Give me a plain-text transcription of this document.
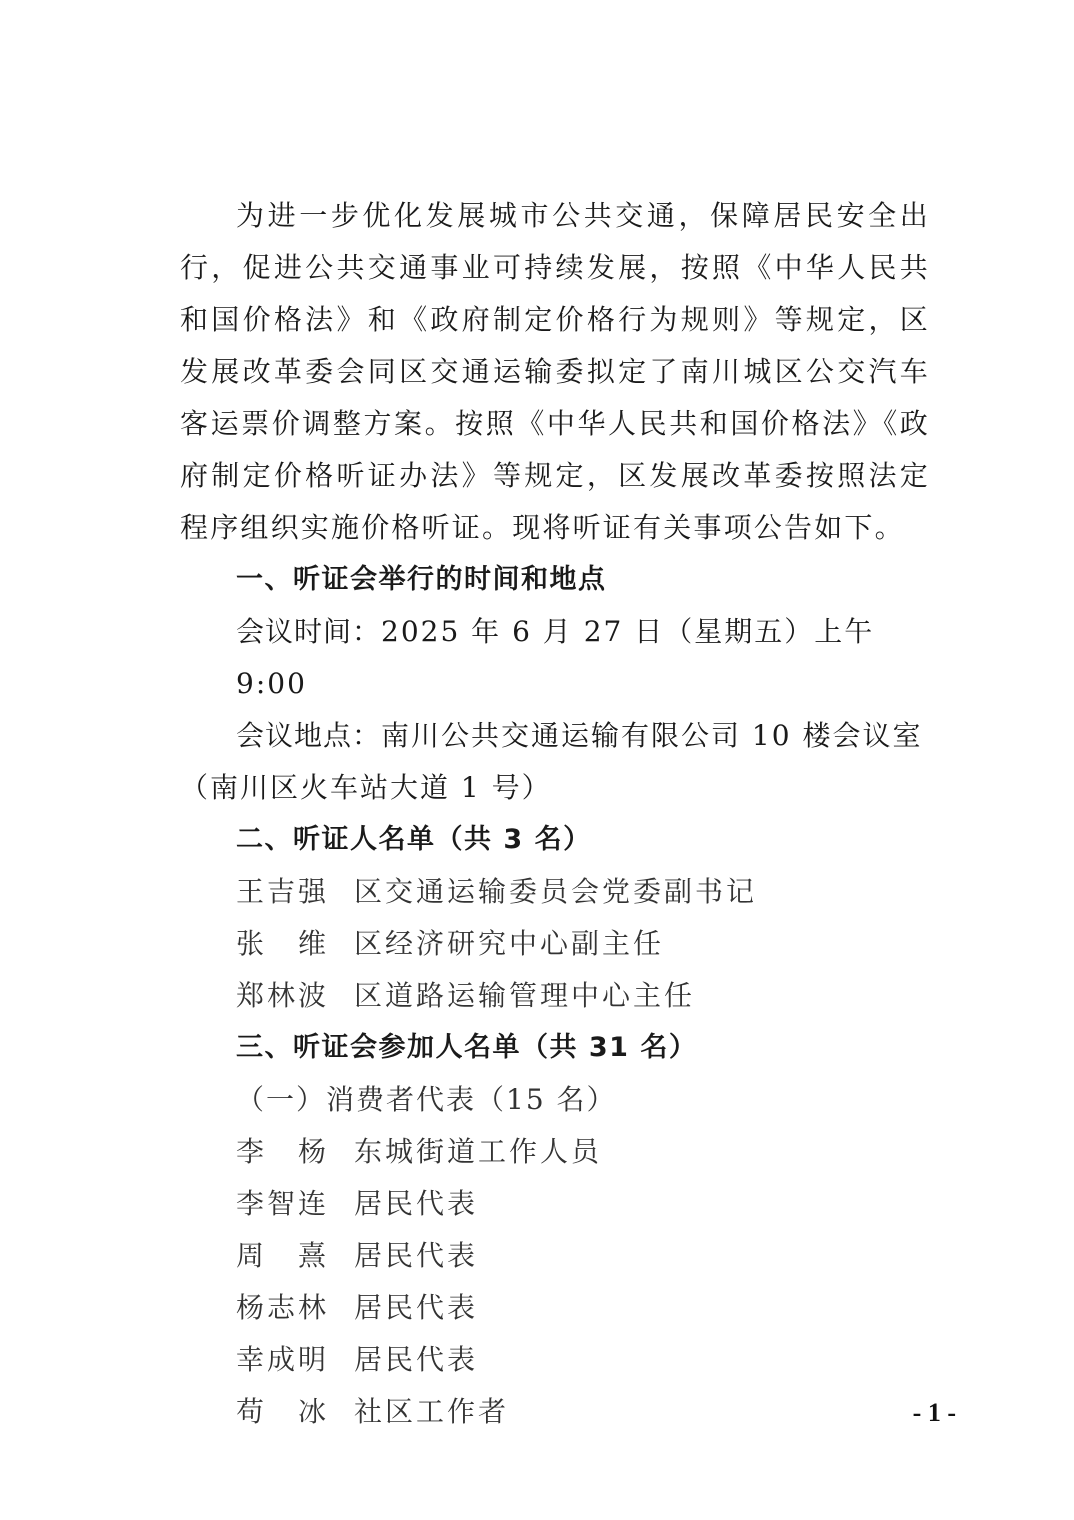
为进一步优化发展城市公共交通，保障居民安全出行，促进公共交通事业可持续发展，按照《中华人民共和国价格法》和《政府制定价格行为规则》等规定，区发展改革委会同区交通运输委拟定了南川城区公交汽车客运票价调整方案。按照《中华人民共和国价格法》《政府制定价格听证办法》等规定，区发展改革委按照法定程序组织实施价格听证。现将听证有关事项公告如下。

一、听证会举行的时间和地点

会议时间：2025 年 6 月 27 日（星期五）上午 9:00

会议地点：南川公共交通运输有限公司 10 楼会议室（南川区火车站大道 1 号）

二、听证人名单（共 3 名）

王吉强 区交通运输委员会党委副书记

张　维 区经济研究中心副主任

郑林波 区道路运输管理中心主任

三、听证会参加人名单（共 31 名）

（一）消费者代表（15 名）

李　杨 东城街道工作人员

李智连 居民代表

周　熹 居民代表

杨志林 居民代表

幸成明 居民代表

苟　冰 社区工作者	- 1 -
